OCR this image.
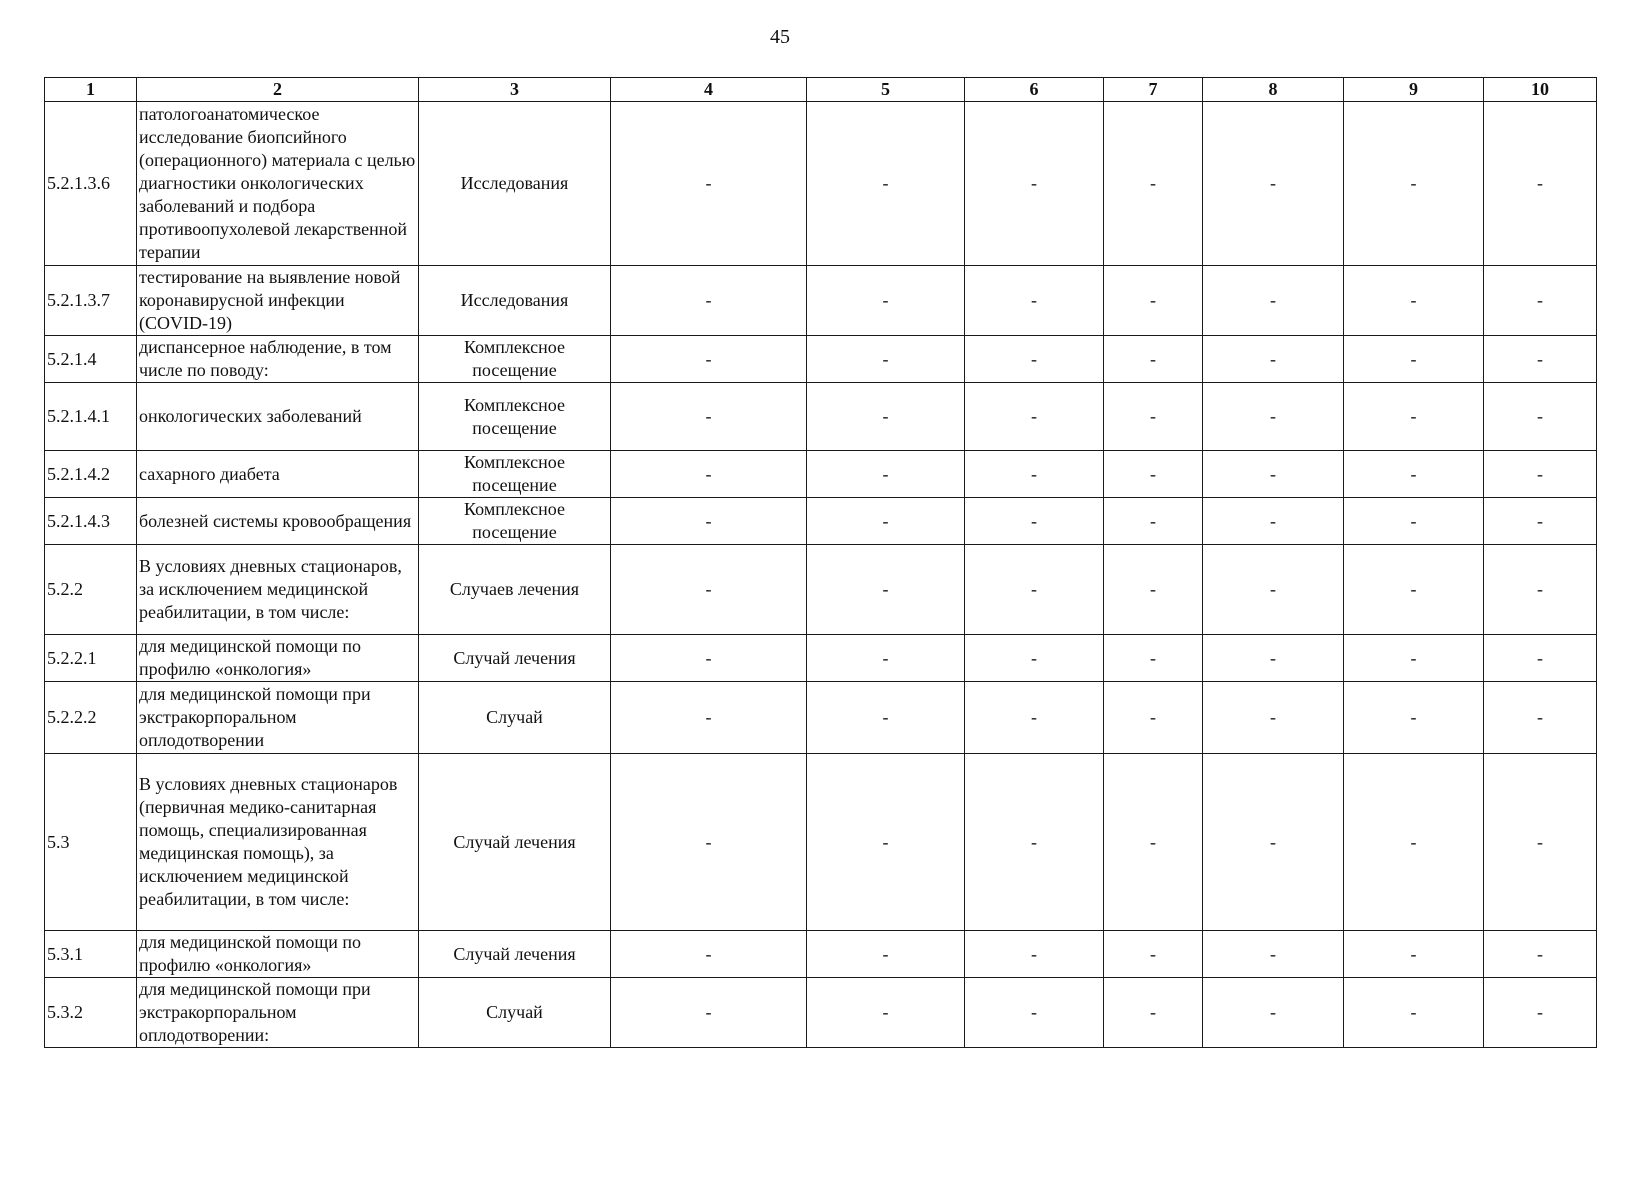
45
1	2	3	4	5	6	7	8	9	10
5.2.1.3.6	патологоанатомическое исследование биопсийного (операционного) материала с целью диагностики онкологических заболеваний и подбора противоопухолевой лекарственной терапии	Исследования	-	-	-	-	-	-	-
5.2.1.3.7	тестирование на выявление новой коронавирусной инфекции (COVID-19)	Исследования	-	-	-	-	-	-	-
5.2.1.4	диспансерное наблюдение, в том числе по поводу:	Комплексное посещение	-	-	-	-	-	-	-
5.2.1.4.1	онкологических заболеваний	Комплексное посещение	-	-	-	-	-	-	-
5.2.1.4.2	сахарного диабета	Комплексное посещение	-	-	-	-	-	-	-
5.2.1.4.3	болезней системы кровообращения	Комплексное посещение	-	-	-	-	-	-	-
5.2.2	В условиях дневных стационаров, за исключением медицинской реабилитации, в том числе:	Случаев лечения	-	-	-	-	-	-	-
5.2.2.1	для медицинской помощи по профилю «онкология»	Случай лечения	-	-	-	-	-	-	-
5.2.2.2	для медицинской помощи при экстракорпоральном оплодотворении	Случай	-	-	-	-	-	-	-
5.3	В условиях дневных стационаров (первичная медико-санитарная помощь, специализированная медицинская помощь), за исключением медицинской реабилитации, в том числе:	Случай лечения	-	-	-	-	-	-	-
5.3.1	для медицинской помощи по профилю «онкология»	Случай лечения	-	-	-	-	-	-	-
5.3.2	для медицинской помощи при экстракорпоральном оплодотворении:	Случай	-	-	-	-	-	-	-
